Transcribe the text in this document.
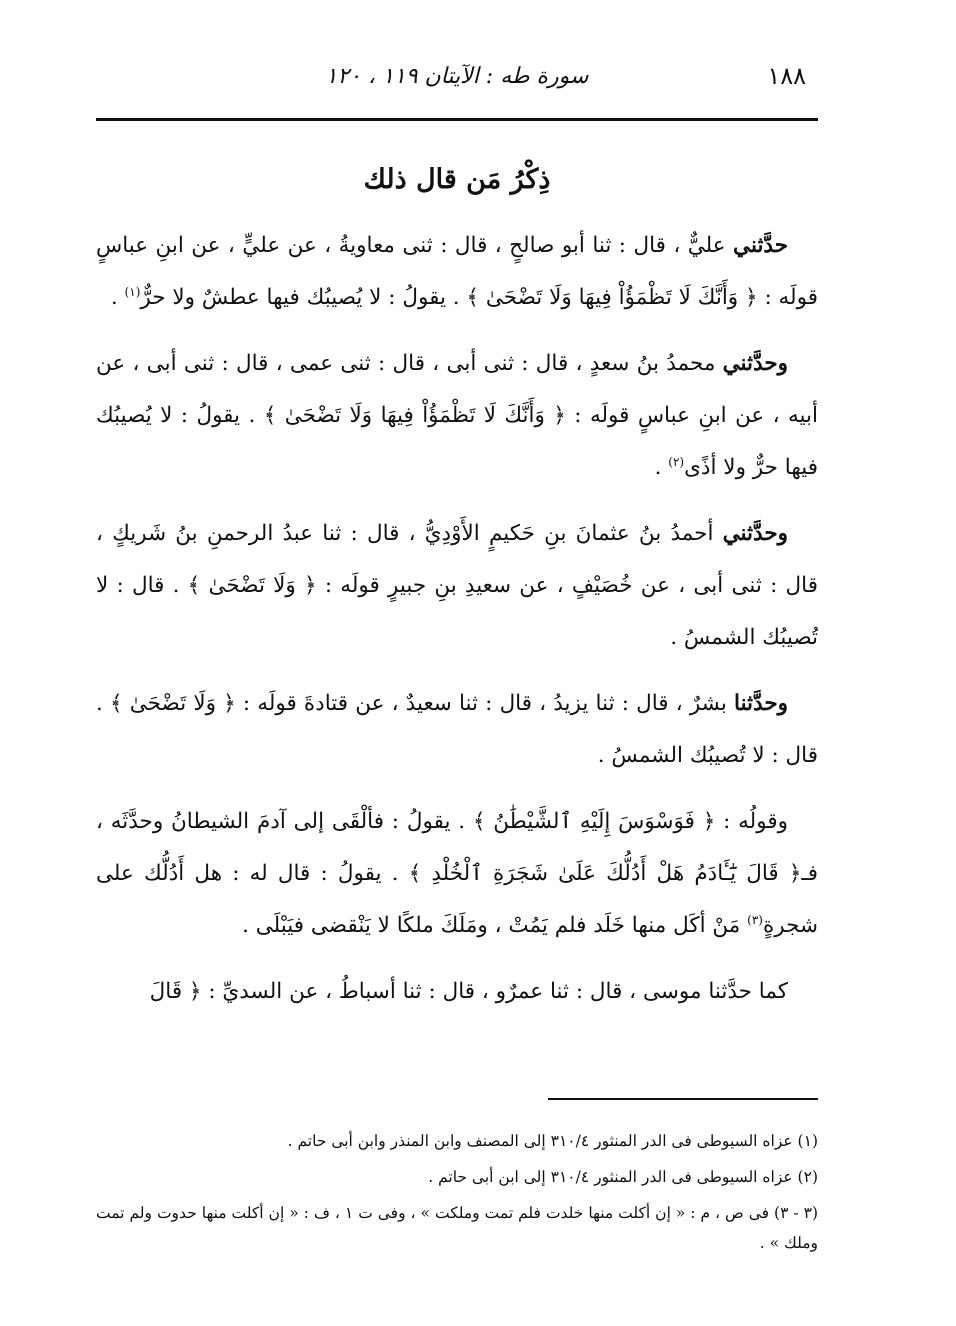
١٨٨
سورة طه : الآيتان ١١٩ ، ١٢٠
ذِكْرُ مَن قال ذلك

حدَّثني عليٌّ ، قال : ثنا أبو صالحٍ ، قال : ثنى معاويةُ ، عن عليٍّ ، عن ابنِ عباسٍ قولَه : ﴿ وَأَنَّكَ لَا تَظْمَؤُاْ فِيهَا وَلَا تَضْحَىٰ ﴾ . يقولُ : لا يُصيبُك فيها عطشٌ ولا حرٌّ$^{(١)}$ .

وحدَّثني محمدُ بنُ سعدٍ ، قال : ثنى أبى ، قال : ثنى عمى ، قال : ثنى أبى ، عن أبيه ، عن ابنِ عباسٍ قولَه : ﴿ وَأَنَّكَ لَا تَظْمَؤُاْ فِيهَا وَلَا تَضْحَىٰ ﴾ . يقولُ : لا يُصيبُك فيها حرٌّ ولا أذًى$^{(٢)}$ .

وحدَّثني أحمدُ بنُ عثمانَ بنِ حَكيمٍ الأَوْدِيُّ ، قال : ثنا عبدُ الرحمنِ بنُ شَريكٍ ، قال : ثنى أبى ، عن خُصَيْفٍ ، عن سعيدِ بنِ جبيرٍ قولَه : ﴿ وَلَا تَضْحَىٰ ﴾ . قال : لا تُصيبُك الشمسُ .

وحدَّثنا بشرٌ ، قال : ثنا يزيدُ ، قال : ثنا سعيدٌ ، عن قتادةَ قولَه : ﴿ وَلَا تَضْحَىٰ ﴾ . قال : لا تُصيبُك الشمسُ .

وقولُه : ﴿ فَوَسْوَسَ إِلَيْهِ ٱلشَّيْطَٰنُ ﴾ . يقولُ : فألْقَى إلى آدمَ الشيطانُ وحدَّثَه ، فـ﴿ قَالَ يَٰٓـَٔادَمُ هَلْ أَدُلُّكَ عَلَىٰ شَجَرَةِ ٱلْخُلْدِ ﴾ . يقولُ : قال له : هل أَدُلُّك على شجرةٍ$^{(٣)}$ مَنْ أكَل منها خَلَد فلم يَمُتْ ، ومَلَكَ ملكًا لا يَنْقضى فيَبْلَى .

كما حدَّثنا موسى ، قال : ثنا عمرٌو ، قال : ثنا أسباطُ ، عن السديِّ : ﴿ قَالَ

(١) عزاه السيوطى فى الدر المنثور ٣١٠/٤ إلى المصنف وابن المنذر وابن أبى حاتم .

(٢) عزاه السيوطى فى الدر المنثور ٣١٠/٤ إلى ابن أبى حاتم .

(٣ - ٣) فى ص ، م : « إن أكلت منها خلدت فلم تمت وملكت » ، وفى ت ١ ، ف : « إن أكلت منها حدوت ولم تمت وملك » .
